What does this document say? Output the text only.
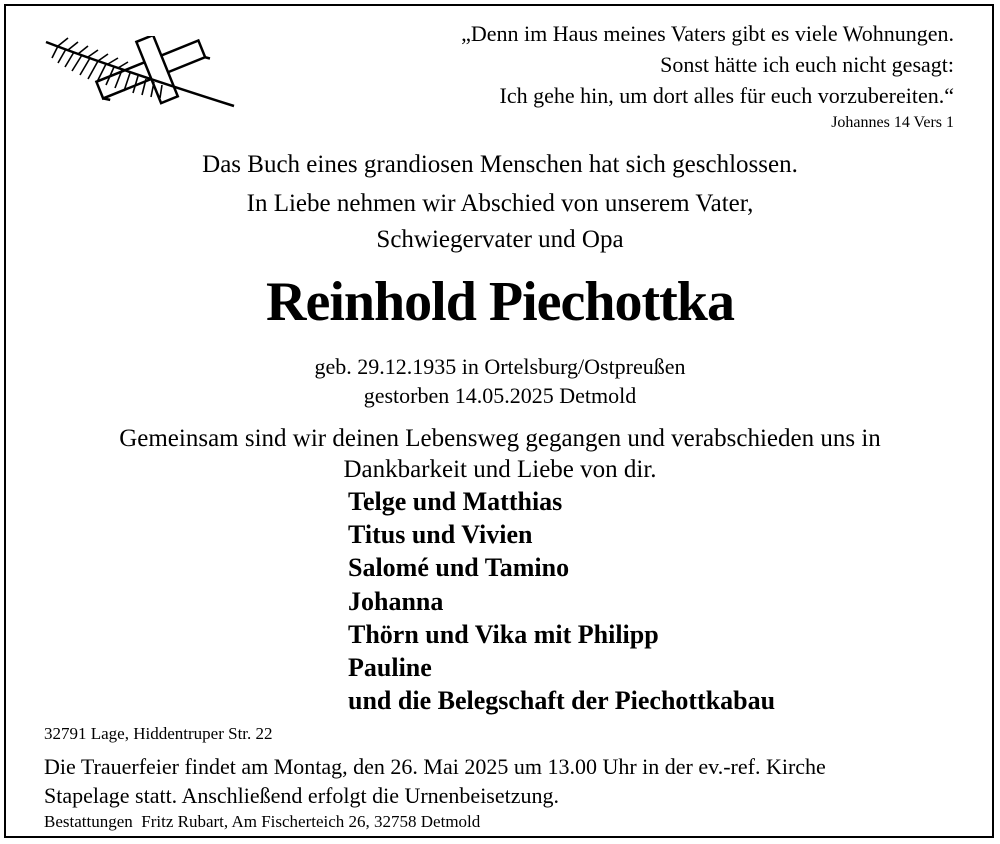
„Denn im Haus meines Vaters gibt es viele Wohnungen.
Sonst hätte ich euch nicht gesagt:
Ich gehe hin, um dort alles für euch vorzubereiten.“
Johannes 14 Vers 1
Das Buch eines grandiosen Menschen hat sich geschlossen.
In Liebe nehmen wir Abschied von unserem Vater,
Schwiegervater und Opa
Reinhold Piechottka
geb. 29.12.1935 in Ortelsburg/Ostpreußen
gestorben 14.05.2025 Detmold
Gemeinsam sind wir deinen Lebensweg gegangen und verabschieden uns in
Dankbarkeit und Liebe von dir.
Telge und Matthias
Titus und Vivien
Salomé und Tamino
Johanna
Thörn und Vika mit Philipp
Pauline
und die Belegschaft der Piechottkabau
32791 Lage, Hiddentruper Str. 22
Die Trauerfeier findet am Montag, den 26. Mai 2025 um 13.00 Uhr in der ev.-ref. Kirche
Stapelage statt. Anschließend erfolgt die Urnenbeisetzung.
Bestattungen  Fritz Rubart, Am Fischerteich 26, 32758 Detmold
